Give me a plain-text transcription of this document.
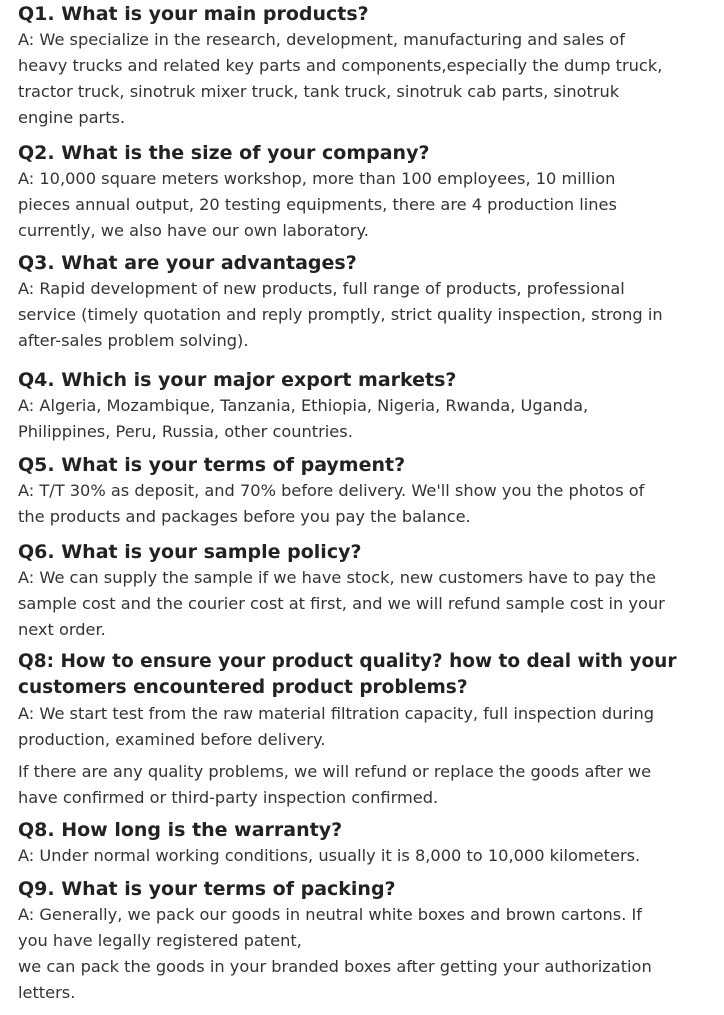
Q1. What is your main products?

A: We specialize in the research, development, manufacturing and sales of
heavy trucks and related key parts and components,especially the dump truck,
tractor truck, sinotruk mixer truck, tank truck, sinotruk cab parts, sinotruk
engine parts.

Q2. What is the size of your company?

A: 10,000 square meters workshop, more than 100 employees, 10 million
pieces annual output, 20 testing equipments, there are 4 production lines
currently, we also have our own laboratory.

Q3. What are your advantages?

A: Rapid development of new products, full range of products, professional
service (timely quotation and reply promptly, strict quality inspection, strong in
after-sales problem solving).

Q4. Which is your major export markets?

A: Algeria, Mozambique, Tanzania, Ethiopia, Nigeria, Rwanda, Uganda,
Philippines, Peru, Russia, other countries.

Q5. What is your terms of payment?

A: T/T 30% as deposit, and 70% before delivery. We'll show you the photos of
the products and packages before you pay the balance.

Q6. What is your sample policy?

A: We can supply the sample if we have stock, new customers have to pay the
sample cost and the courier cost at first, and we will refund sample cost in your
next order.

Q8: How to ensure your product quality? how to deal with your
customers encountered product problems?

A: We start test from the raw material filtration capacity, full inspection during
production, examined before delivery.

If there are any quality problems, we will refund or replace the goods after we
have confirmed or third-party inspection confirmed.

Q8. How long is the warranty?

A: Under normal working conditions, usually it is 8,000 to 10,000 kilometers.

Q9. What is your terms of packing?

A: Generally, we pack our goods in neutral white boxes and brown cartons. If
you have legally registered patent,
we can pack the goods in your branded boxes after getting your authorization
letters.
